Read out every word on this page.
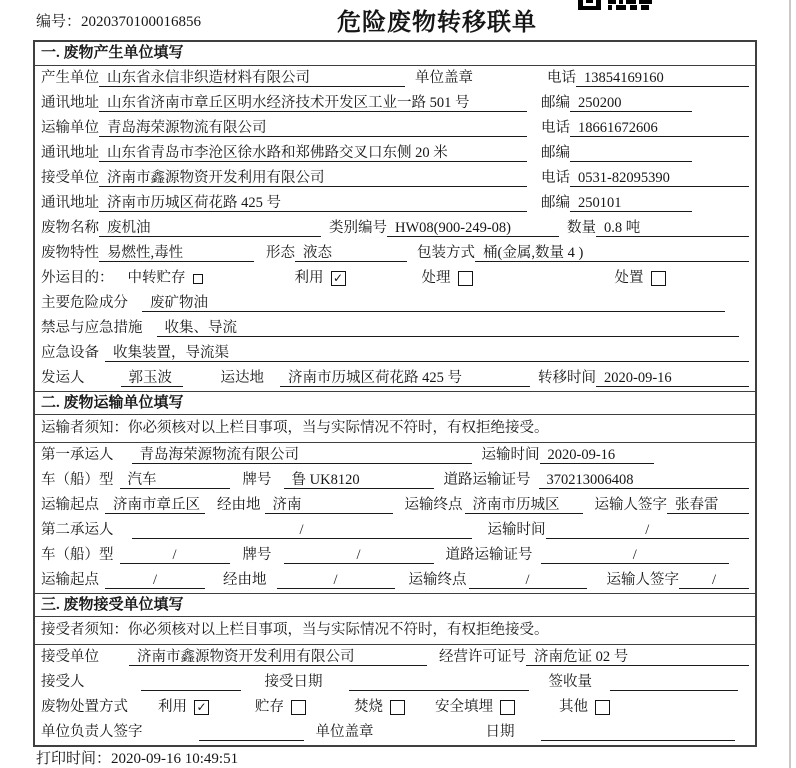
编号：2020370100016856	危险废物转移联单
一. 废物产生单位填写
产生单位 山东省永信非织造材料有限公司	单位盖章	电话 13854169160
通讯地址 山东省济南市章丘区明水经济技术开发区工业一路 501 号	邮编 250200
运输单位 青岛海荣源物流有限公司	电话 18661672606
通讯地址 山东省青岛市李沧区徐水路和郑佛路交叉口东侧 20 米	邮编
接受单位 济南市鑫源物资开发利用有限公司	电话 0531-82095390
通讯地址 济南市历城区荷花路 425 号	邮编 250101
废物名称 废机油	类别编号 HW08(900-249-08)	数量 0.8 吨
废物特性 易燃性,毒性	形态 液态	包装方式 桶(金属,数量 4 )
外运目的： 中转贮存	利用 ✓	处理	处置
主要危险成分	废矿物油
禁忌与应急措施	收集、导流
应急设备 收集装置，导流渠
发运人	郭玉波	运达地	济南市历城区荷花路 425 号	转移时间 2020-09-16
二. 废物运输单位填写
运输者须知：你必须核对以上栏目事项，当与实际情况不符时，有权拒绝接受。
第一承运人	青岛海荣源物流有限公司	运输时间 2020-09-16
车（船）型 汽车	牌号	鲁 UK8120	道路运输证号	370213006408
运输起点 济南市章丘区	经由地 济南	运输终点 济南市历城区	运输人签字 张春雷
第二承运人	/	运输时间	/
车（船）型	/	牌号	/	道路运输证号	/
运输起点	/	经由地	/	运输终点	/	运输人签字	/
三. 废物接受单位填写
接受者须知：你必须核对以上栏目事项，当与实际情况不符时，有权拒绝接受。
接受单位	济南市鑫源物资开发利用有限公司	经营许可证号 济南危证 02 号
接受人	接受日期	签收量
废物处置方式 利用 ✓	贮存	焚烧	安全填埋	其他
单位负责人签字	单位盖章	日期
打印时间：2020-09-16 10:49:51
